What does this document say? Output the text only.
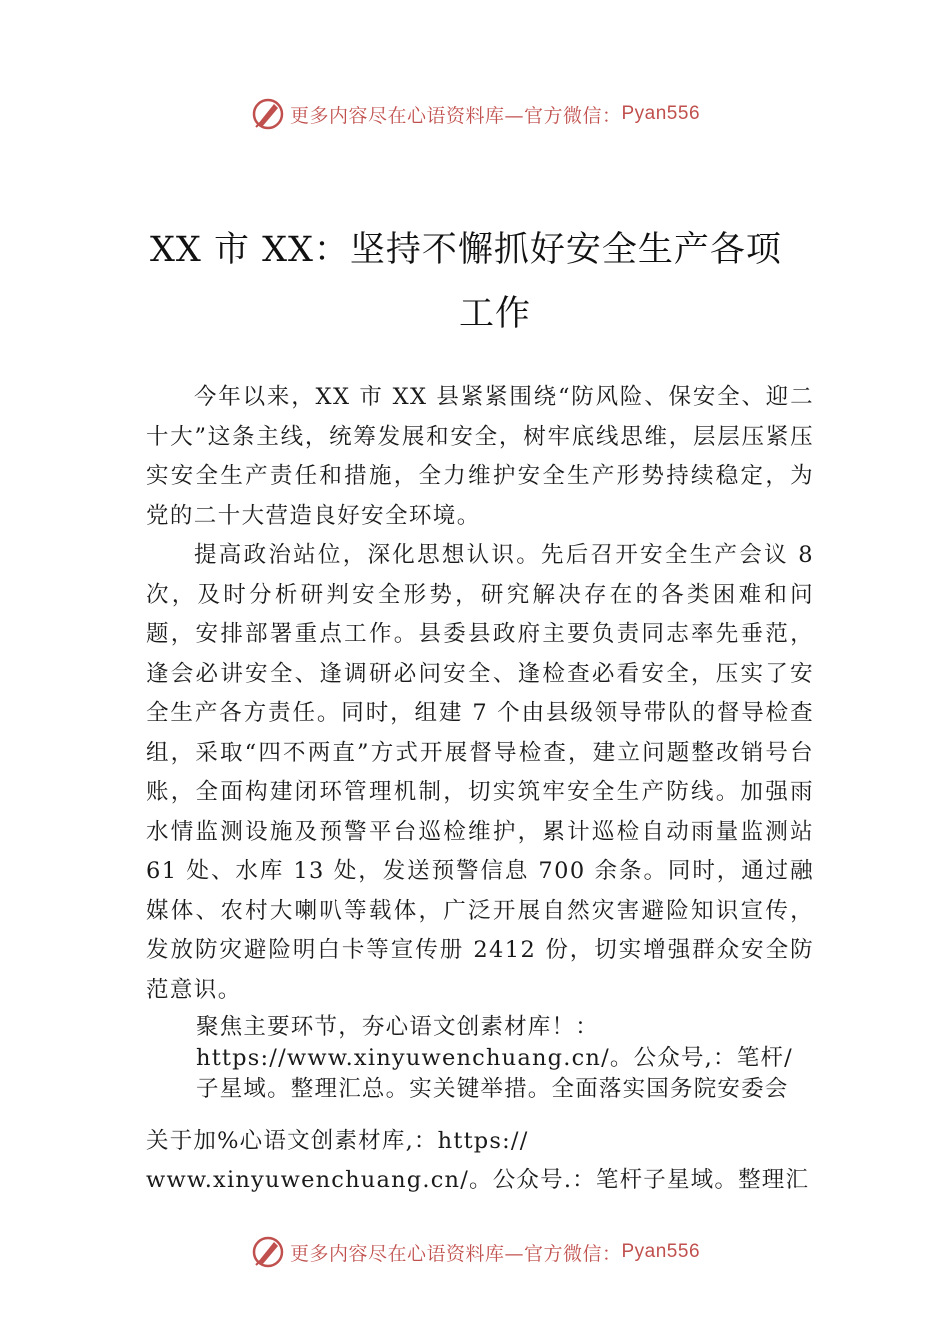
更多内容尽在心语资料库—官方微信： Pyan556
XX 市 XX：坚持不懈抓好安全生产各项
工作

今年以来，XX 市 XX 县紧紧围绕“防风险、保安全、迎二十大”这条主线，统筹发展和安全，树牢底线思维，层层压紧压实安全生产责任和措施，全力维护安全生产形势持续稳定，为党的二十大营造良好安全环境。

提高政治站位，深化思想认识。先后召开安全生产会议 8 次，及时分析研判安全形势，研究解决存在的各类困难和问题，安排部署重点工作。县委县政府主要负责同志率先垂范，逢会必讲安全、逢调研必问安全、逢检查必看安全，压实了安全生产各方责任。同时，组建 7 个由县级领导带队的督导检查组，采取“四不两直”方式开展督导检查，建立问题整改销号台账，全面构建闭环管理机制，切实筑牢安全生产防线。加强雨水情监测设施及预警平台巡检维护，累计巡检自动雨量监测站 61 处、水库 13 处，发送预警信息 700 余条。同时，通过融媒体、农村大喇叭等载体，广泛开展自然灾害避险知识宣传，发放防灾避险明白卡等宣传册 2412 份，切实增强群众安全防范意识。

聚焦主要环节，夯心语文创素材库！：https://www.xinyuwenchuang.cn/。公众号,：笔杆/子星域。整理汇总。实关键举措。全面落实国务院安委会
关于加%心语文创素材库,：https://
www.xinyuwenchuang.cn/。公众号.：笔杆子星域。整理汇
更多内容尽在心语资料库—官方微信： Pyan556
